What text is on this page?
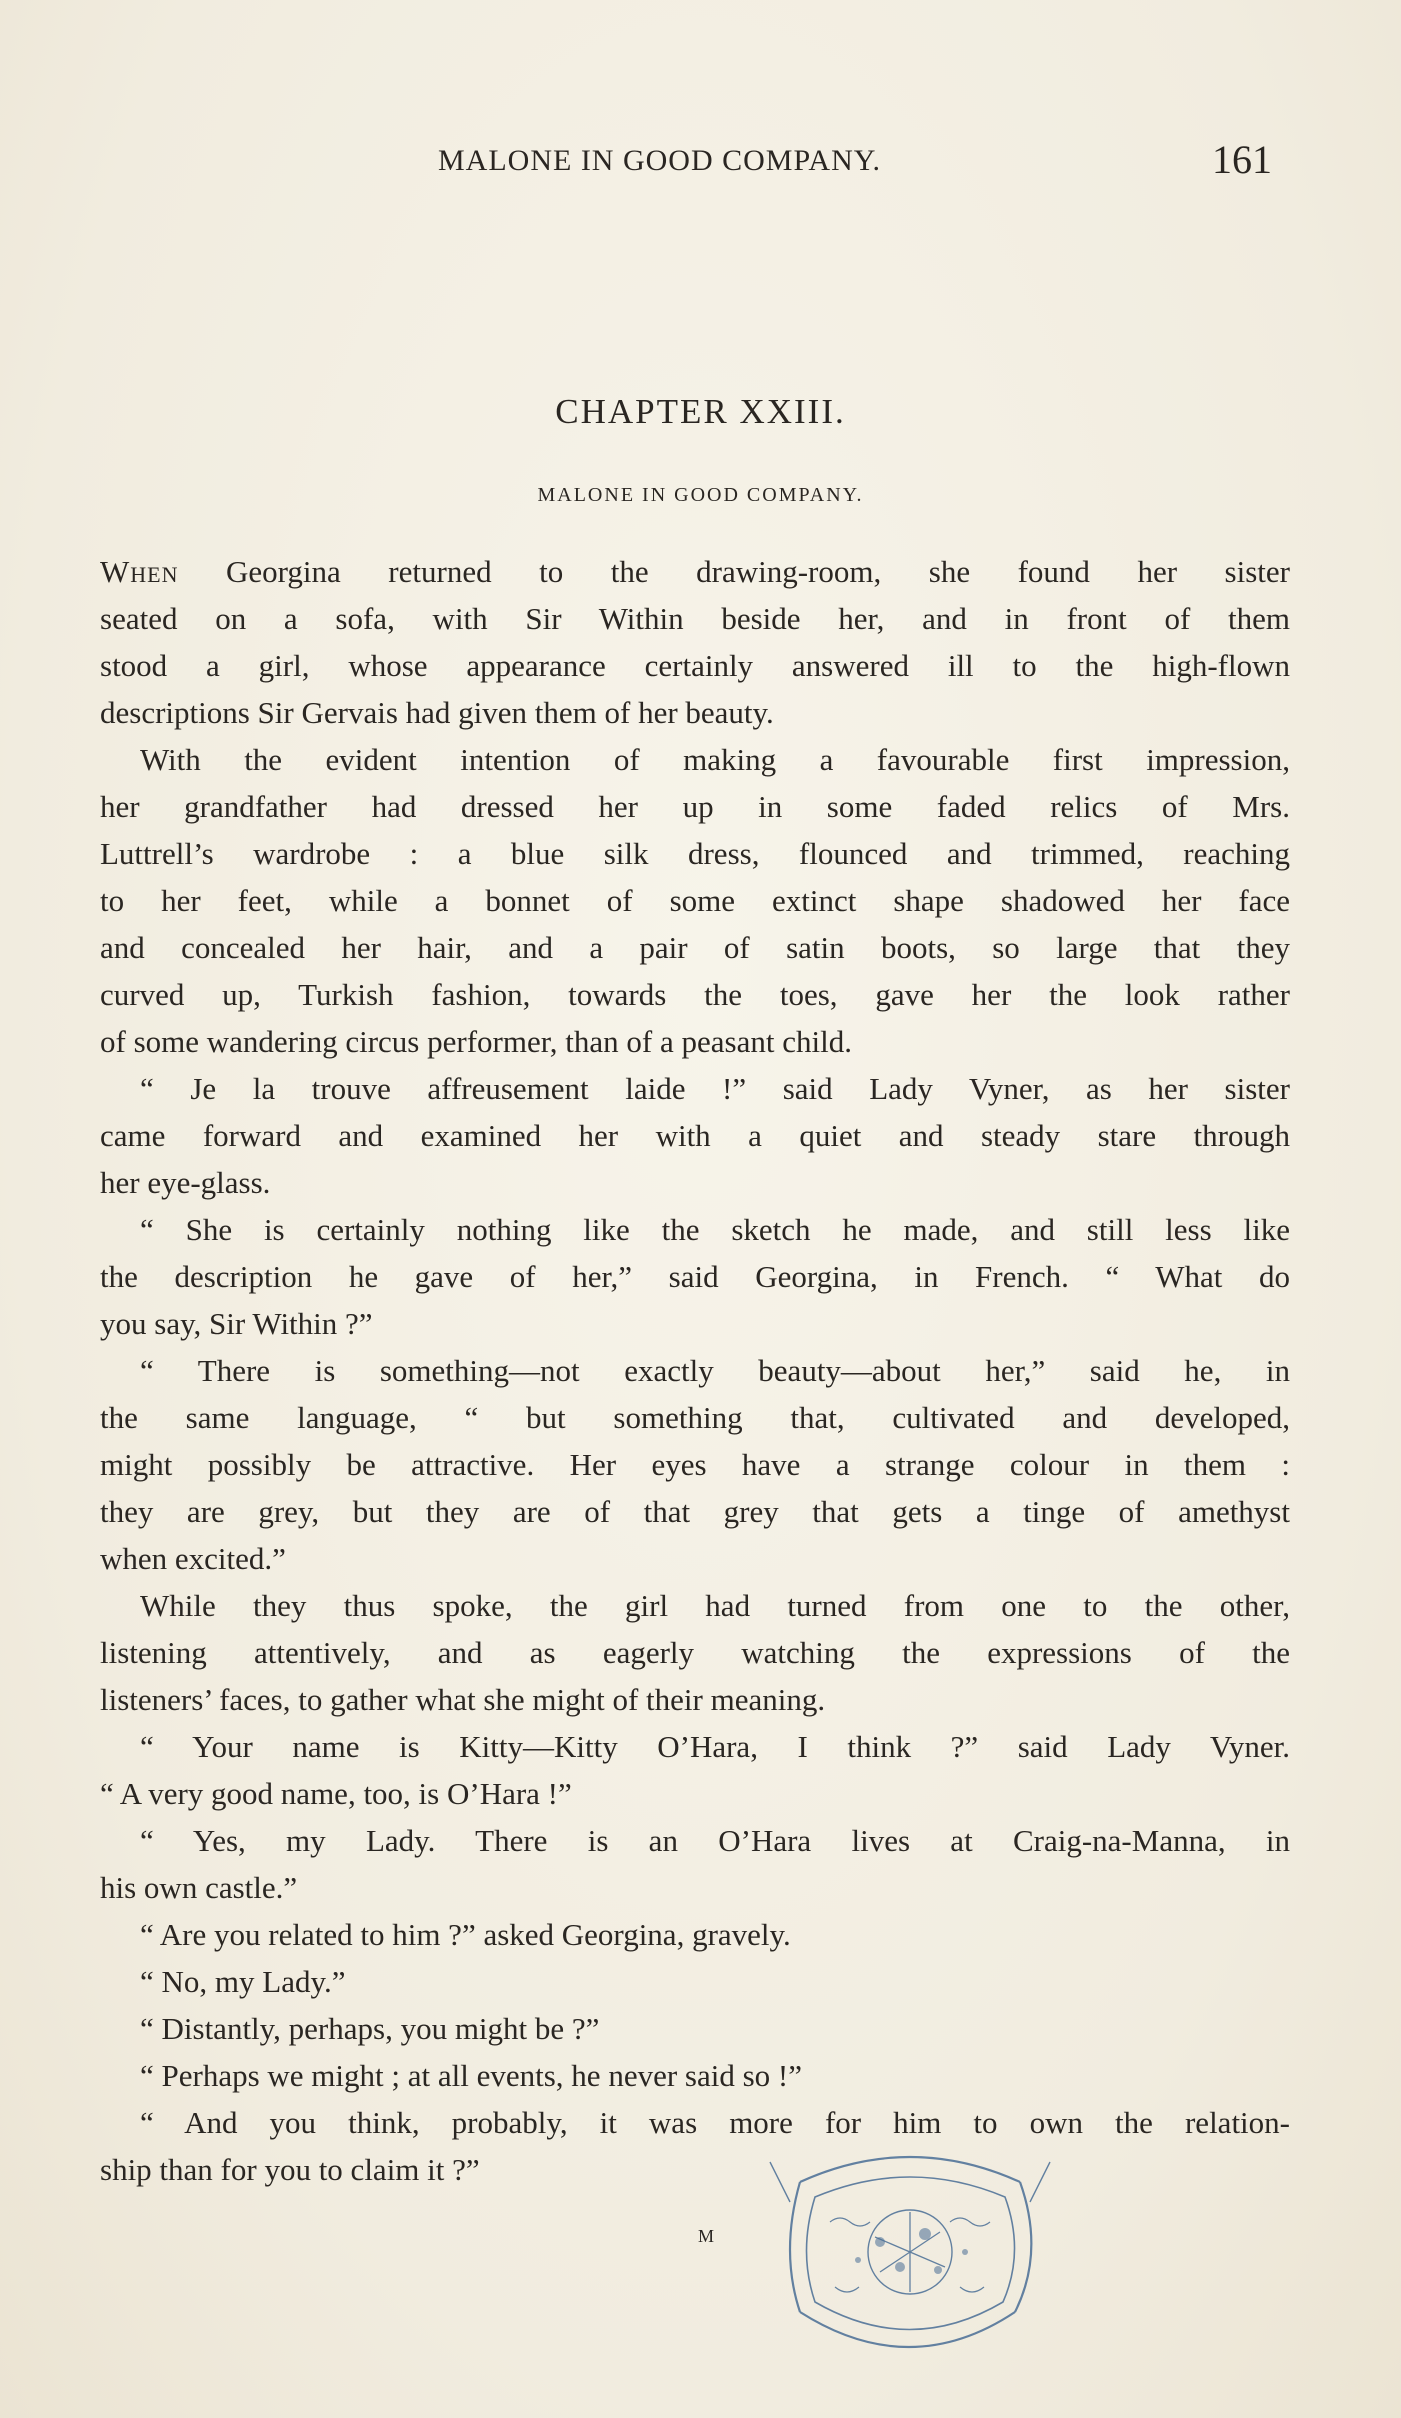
MALONE IN GOOD COMPANY.	161
CHAPTER XXIII.
MALONE IN GOOD COMPANY.
When Georgina returned to the drawing-room, she found her sister
seated on a sofa, with Sir Within beside her, and in front of them
stood a girl, whose appearance certainly answered ill to the high-flown
descriptions Sir Gervais had given them of her beauty.
With the evident intention of making a favourable first impression,
her grandfather had dressed her up in some faded relics of Mrs.
Luttrell’s wardrobe : a blue silk dress, flounced and trimmed, reaching
to her feet, while a bonnet of some extinct shape shadowed her face
and concealed her hair, and a pair of satin boots, so large that they
curved up, Turkish fashion, towards the toes, gave her the look rather
of some wandering circus performer, than of a peasant child.
“ Je la trouve affreusement laide !” said Lady Vyner, as her sister
came forward and examined her with a quiet and steady stare through
her eye-glass.
“ She is certainly nothing like the sketch he made, and still less like
the description he gave of her,” said Georgina, in French. “ What do
you say, Sir Within ?”
“ There is something—not exactly beauty—about her,” said he, in
the same language, “ but something that, cultivated and developed,
might possibly be attractive. Her eyes have a strange colour in them :
they are grey, but they are of that grey that gets a tinge of amethyst
when excited.”
While they thus spoke, the girl had turned from one to the other,
listening attentively, and as eagerly watching the expressions of the
listeners’ faces, to gather what she might of their meaning.
“ Your name is Kitty—Kitty O’Hara, I think ?” said Lady Vyner.
“ A very good name, too, is O’Hara !”
“ Yes, my Lady. There is an O’Hara lives at Craig-na-Manna, in
his own castle.”
“ Are you related to him ?” asked Georgina, gravely.
“ No, my Lady.”
“ Distantly, perhaps, you might be ?”
“ Perhaps we might ; at all events, he never said so !”
“ And you think, probably, it was more for him to own the relation-
ship than for you to claim it ?”
M
